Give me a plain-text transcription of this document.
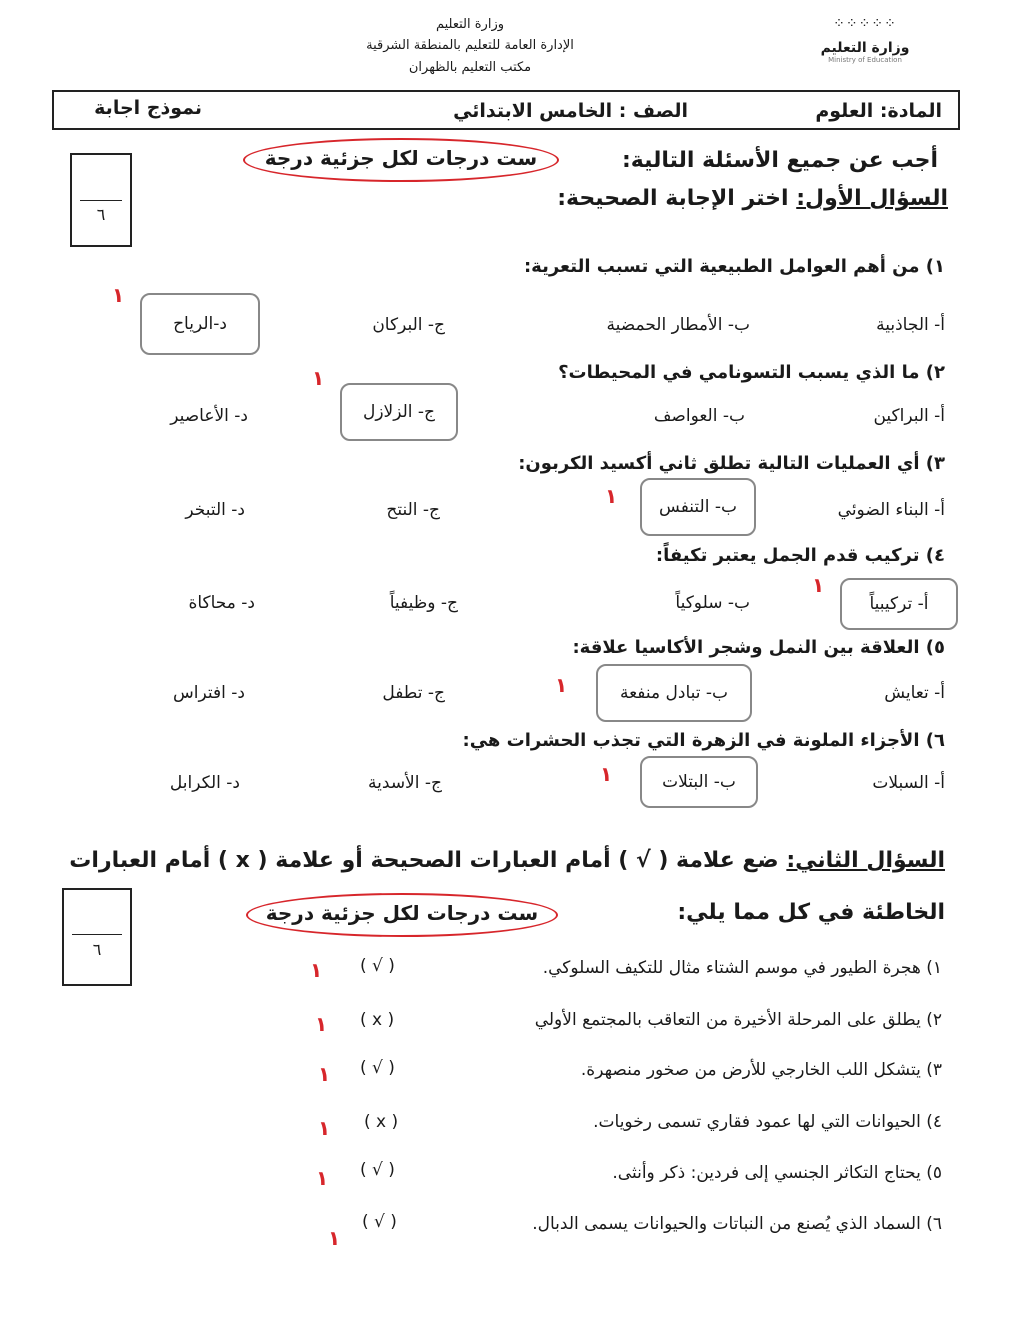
وزارة التعليم
الإدارة العامة للتعليم بالمنطقة الشرقية
مكتب التعليم بالظهران
⁘⁘⁘⁘⁘
وزارة التعليم
Ministry of Education
المادة: العلوم
الصف : الخامس الابتدائي
نموذج اجابة
أجب عن جميع الأسئلة التالية:
السؤال الأول: اختر الإجابة الصحيحة:
ست درجات لكل جزئية درجة
٦
١) من أهم العوامل الطبيعية التي تسبب التعرية:
أ- الجاذبية
ب- الأمطار الحمضية
ج- البركان
د-الرياح
١
٢) ما الذي يسبب التسونامي في المحيطات؟
أ- البراكين
ب- العواصف
ج- الزلازل
د- الأعاصير
١
٣) أي العمليات التالية تطلق ثاني أكسيد الكربون:
أ- البناء الضوئي
ب- التنفس
ج- النتح
د- التبخر
١
٤) تركيب قدم الجمل يعتبر تكيفاً:
أ- تركيبياً
ب- سلوكياً
ج- وظيفياً
د- محاكاة
١
٥) العلاقة بين النمل وشجر الأكاسيا علاقة:
أ- تعايش
ب- تبادل منفعة
ج- تطفل
د- افتراس	١
٦) الأجزاء الملونة في الزهرة التي تجذب الحشرات هي:
أ- السبلات
ب- البتلات
ج- الأسدية
د- الكرابل	١
السؤال الثاني: ضع علامة ( √ ) أمام العبارات الصحيحة أو علامة ( x ) أمام العبارات
الخاطئة في كل مما يلي:
ست درجات لكل جزئية درجة
٦
١) هجرة الطيور في موسم الشتاء مثال للتكيف السلوكي.
( √ )
١
٢) يطلق على المرحلة الأخيرة من التعاقب بالمجتمع الأولي
( x )
١
٣) يتشكل اللب الخارجي للأرض من صخور منصهرة.
( √ )
١
٤) الحيوانات التي لها عمود فقاري تسمى رخويات.
( x )
١
٥) يحتاج التكاثر الجنسي إلى فردين: ذكر وأنثى.
( √ )
١
٦) السماد الذي يُصنع من النباتات والحيوانات يسمى الدبال.
( √ )
١
